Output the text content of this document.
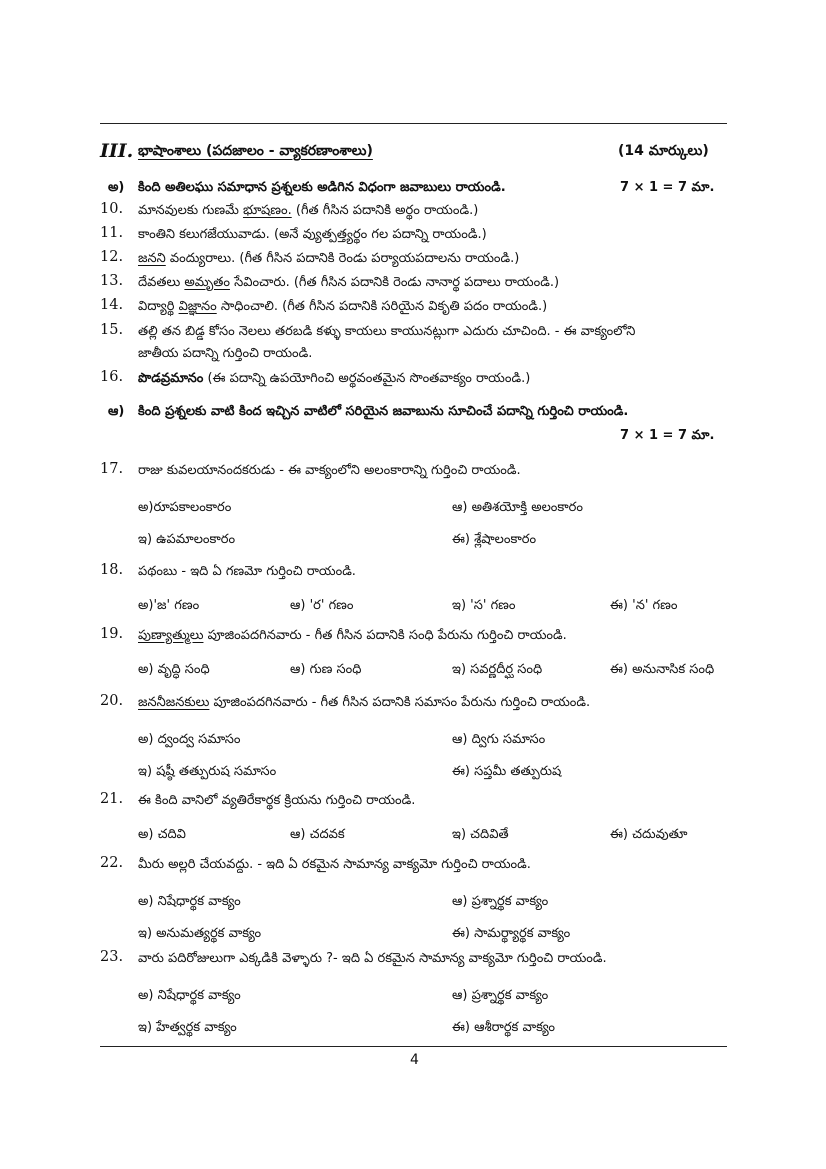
III. భాషాంశాలు (పదజాలం - వ్యాకరణాంశాలు)	(14 మార్కులు)
అ) కింది అతిలఘు సమాధాన ప్రశ్నలకు అడిగిన విధంగా జవాబులు రాయండి.	7 × 1 = 7 మా.
10. మానవులకు గుణమే భూషణం. (గీత గీసిన పదానికి అర్థం రాయండి.)
11. కాంతిని కలుగజేయువాడు. (అనే వ్యుత్పత్త్యర్థం గల పదాన్ని రాయండి.)
12. జనని వంద్యురాలు. (గీత గీసిన పదానికి రెండు పర్యాయపదాలను రాయండి.)
13. దేవతలు అమృతం సేవించారు. (గీత గీసిన పదానికి రెండు నానార్థ పదాలు రాయండి.)
14. విద్యార్థి విజ్ఞానం సాధించాలి. (గీత గీసిన పదానికి సరియైన వికృతి పదం రాయండి.)
15. తల్లి తన బిడ్డ కోసం నెలలు తరబడి కళ్ళు కాయలు కాయునట్లుగా ఎదురు చూచింది. - ఈ వాక్యంలోని
జాతీయ పదాన్ని గుర్తించి రాయండి.
16. పొడవ్రమానం (ఈ పదాన్ని ఉపయోగించి అర్థవంతమైన సొంతవాక్యం రాయండి.)
ఆ) కింది ప్రశ్నలకు వాటి కింద ఇచ్చిన వాటిలో సరియైన జవాబును సూచించే పదాన్ని గుర్తించి రాయండి.
7 × 1 = 7 మా.
17. రాజు కువలయానందకరుడు - ఈ వాక్యంలోని అలంకారాన్ని గుర్తించి రాయండి.
అ)రూపకాలంకారం	ఆ) అతిశయోక్తి అలంకారం
ఇ) ఉపమాలంకారం	ఈ) శ్లేషాలంకారం
18. పథంబు - ఇది ఏ గణమో గుర్తించి రాయండి.
అ)'జ' గణం	ఆ) 'ర' గణం	ఇ) 'స' గణం	ఈ) 'న' గణం
19. పుణ్యాత్ములు పూజింపదగినవారు - గీత గీసిన పదానికి సంధి పేరును గుర్తించి రాయండి.
అ) వృద్ధి సంధి	ఆ) గుణ సంధి	ఇ) సవర్ణదీర్ఘ సంధి	ఈ) అనునాసిక సంధి
20. జననీజనకులు పూజింపదగినవారు - గీత గీసిన పదానికి సమాసం పేరును గుర్తించి రాయండి.
అ) ద్వంద్వ సమాసం	ఆ) ద్విగు సమాసం
ఇ) షష్ఠీ తత్పురుష సమాసం	ఈ) సప్తమీ తత్పురుష
21. ఈ కింది వానిలో వ్యతిరేకార్థక క్రియను గుర్తించి రాయండి.
అ) చదివి	ఆ) చదవక	ఇ) చదివితే	ఈ) చదువుతూ
22. మీరు అల్లరి చేయవద్దు. - ఇది ఏ రకమైన సామాన్య వాక్యమో గుర్తించి రాయండి.
అ) నిషేధార్థక వాక్యం	ఆ) ప్రశ్నార్థక వాక్యం
ఇ) అనుమత్యర్థక వాక్యం	ఈ) సామర్థ్యార్థక వాక్యం
23. వారు పదిరోజులుగా ఎక్కడికి వెళ్ళారు ?- ఇది ఏ రకమైన సామాన్య వాక్యమో గుర్తించి రాయండి.
అ) నిషేధార్థక వాక్యం	ఆ) ప్రశ్నార్థక వాక్యం
ఇ) హేత్వర్థక వాక్యం	ఈ) ఆశీరార్థక వాక్యం
4
